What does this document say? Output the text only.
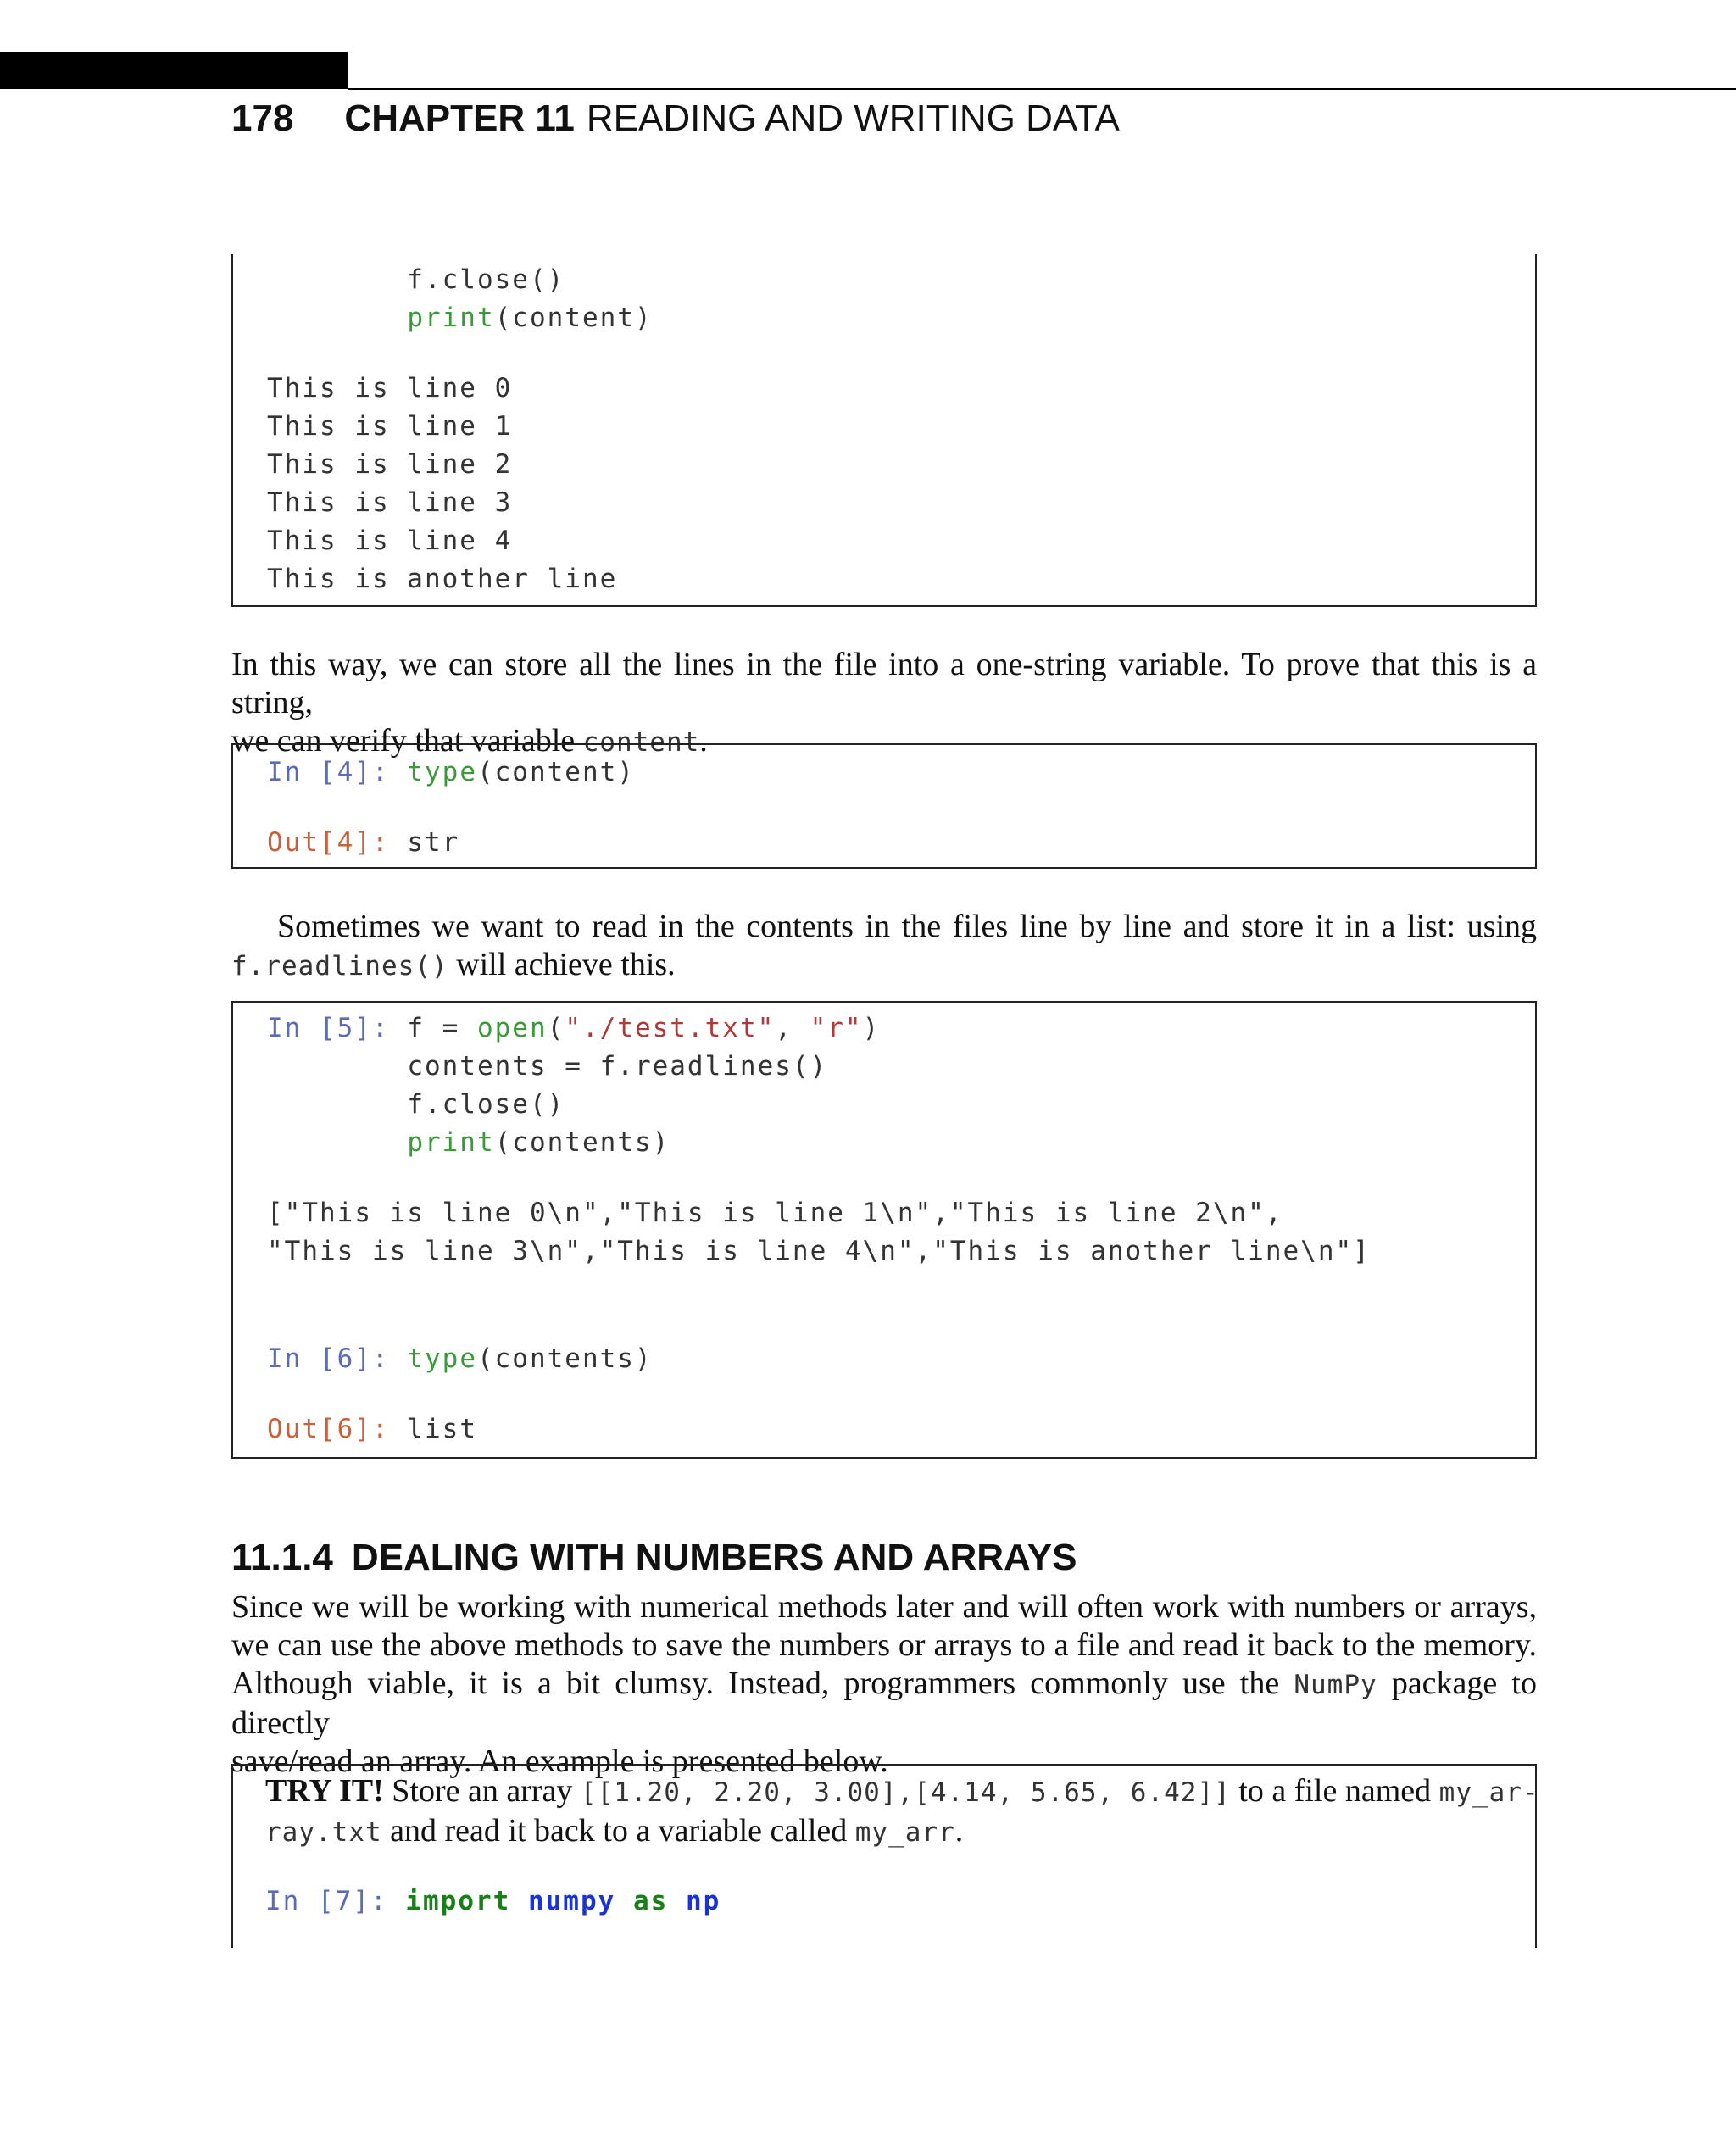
178 CHAPTER 11 READING AND WRITING DATA
f.close()
print(content)
This is line 0
This is line 1
This is line 2
This is line 3
This is line 4
This is another line
In this way, we can store all the lines in the file into a one-string variable. To prove that this is a string,
we can verify that variable content.
In [4]: type(content)
Out[4]: str
Sometimes we want to read in the contents in the files line by line and store it in a list: using
f.readlines() will achieve this.
In [5]: f = open("./test.txt", "r")
contents = f.readlines()
f.close()
print(contents)
["This is line 0\n","This is line 1\n","This is line 2\n",
"This is line 3\n","This is line 4\n","This is another line\n"]
In [6]: type(contents)
Out[6]: list
11.1.4 DEALING WITH NUMBERS AND ARRAYS
Since we will be working with numerical methods later and will often work with numbers or arrays,
we can use the above methods to save the numbers or arrays to a file and read it back to the memory.
Although viable, it is a bit clumsy. Instead, programmers commonly use the NumPy package to directly
save/read an array. An example is presented below.
TRY IT! Store an array [[1.20, 2.20, 3.00],[4.14, 5.65, 6.42]] to a file named my_ar-
ray.txt and read it back to a variable called my_arr.
In [7]: import numpy as np
